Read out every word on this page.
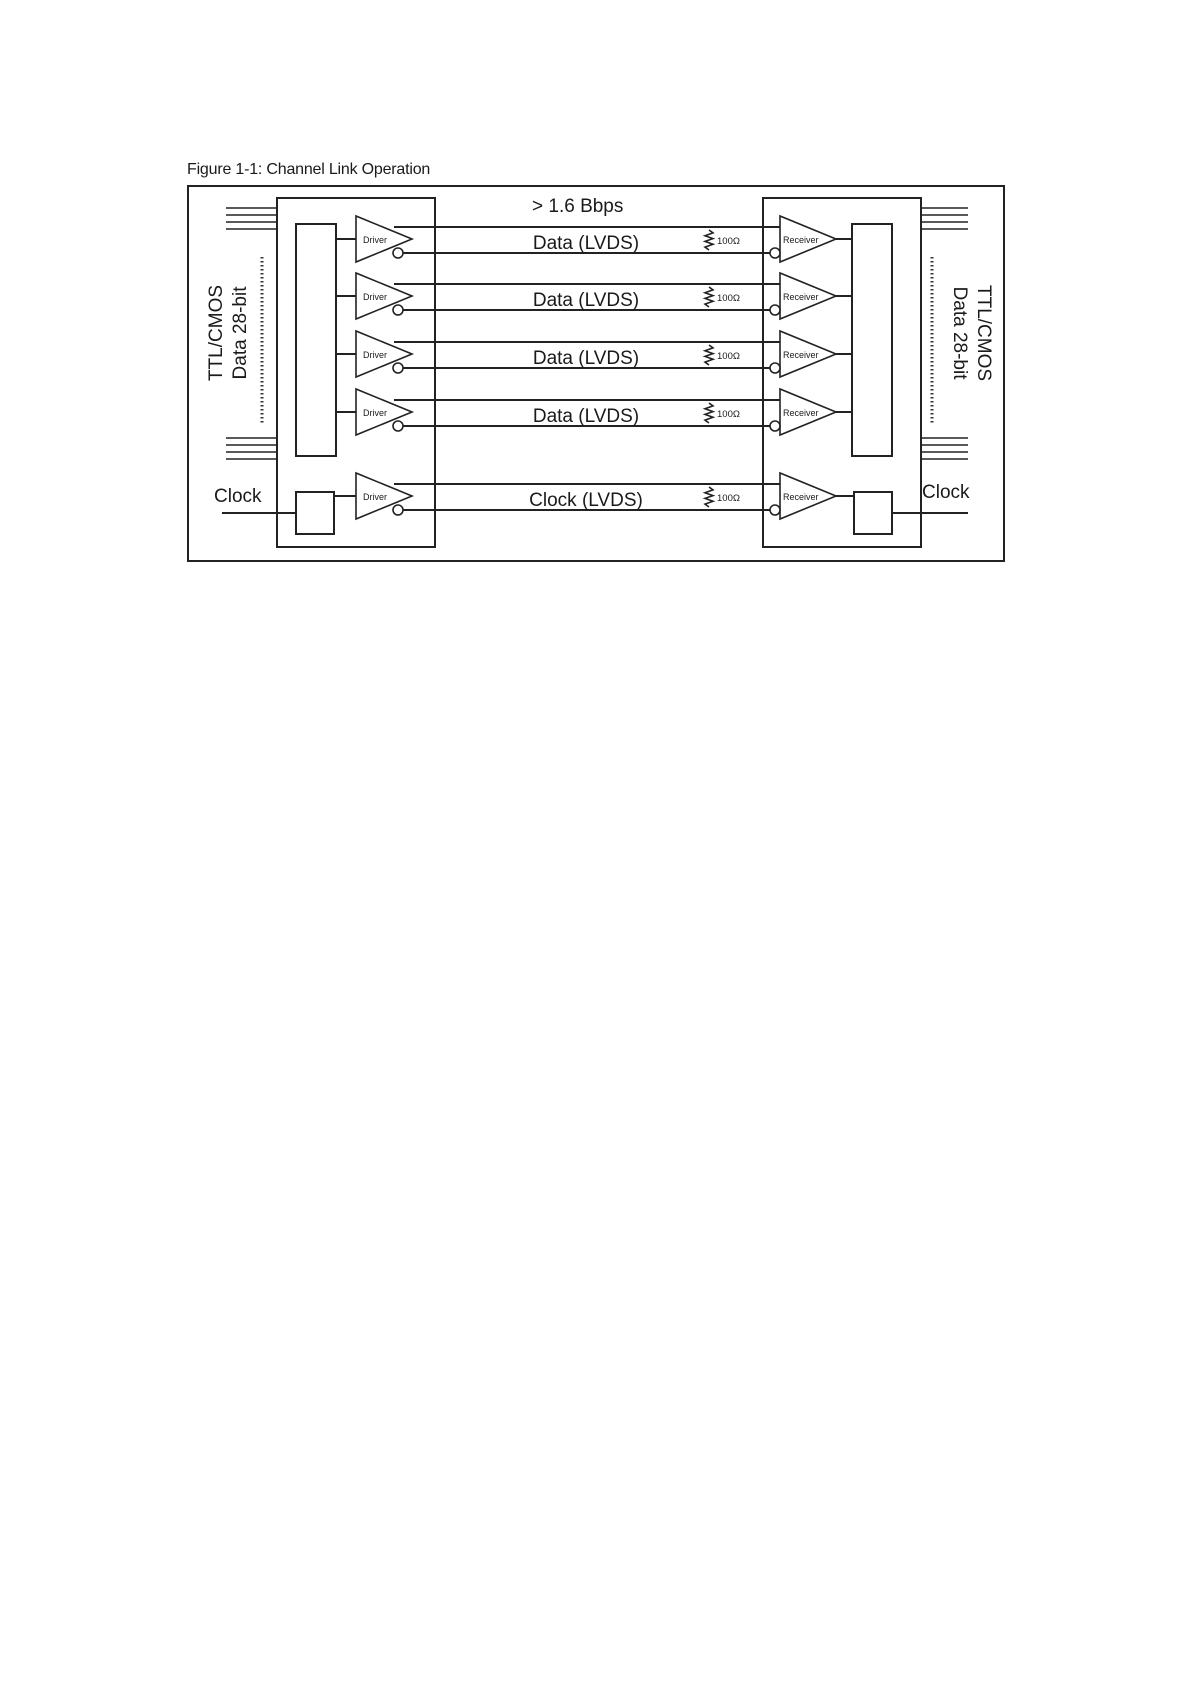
Figure 1-1: Channel Link Operation
TTL/CMOS Data 28-bit	TTL/CMOS
Data 28-bit
> 1.6 Bbps
Clock	Clock
Driver	Data (LVDS)	100Ω	Receiver
Driver	Data (LVDS)	100Ω	Receiver
Driver	Data (LVDS)	100Ω	Receiver
Driver	Data (LVDS)	100Ω	Receiver
Driver	Clock (LVDS)	100Ω	Receiver
